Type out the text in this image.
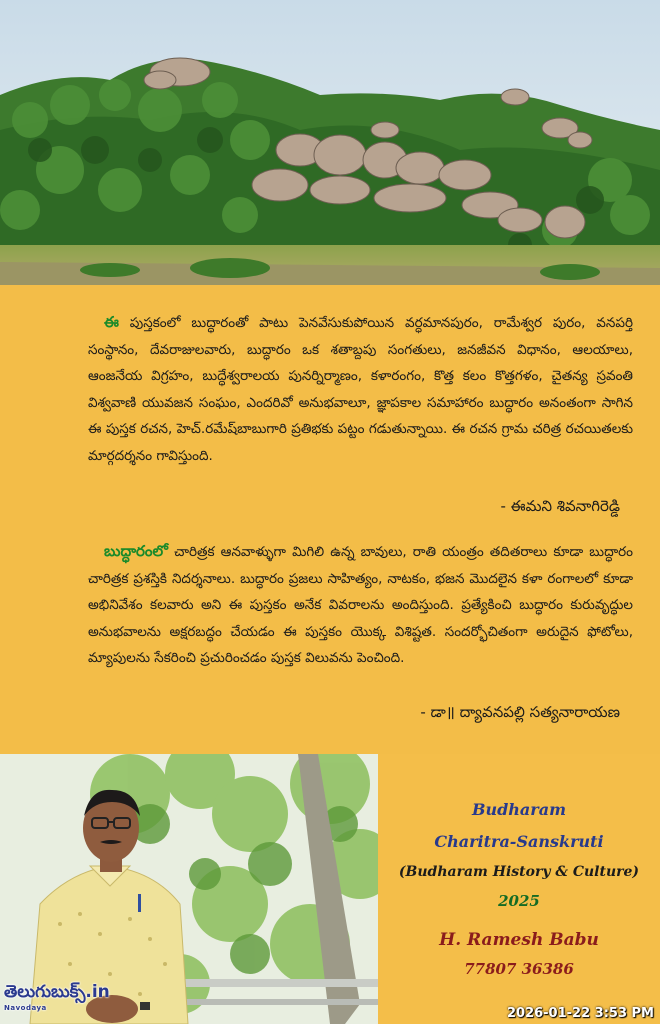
ఈ పుస్తకంలో బుద్ధారంతో పాటు పెనవేసుకుపోయిన వర్ధమానపురం, రామేశ్వర పురం, వనపర్తి సంస్థానం, దేవరాజులవారు, బుద్ధారం ఒక శతాబ్దపు సంగతులు, జనజీవన విధానం, ఆలయాలు, ఆంజనేయ విగ్రహం, బుద్ధేశ్వరాలయ పునర్నిర్మాణం, కళారంగం, కొత్త కలం కొత్తగళం, చైతన్య స్రవంతి విశ్వవాణి యువజన సంఘం, ఎందరివో అనుభవాలూ, జ్ఞాపకాల సమాహారం బుద్ధారం అనంతంగా సాగిన ఈ పుస్తక రచన, హెచ్.రమేష్‌బాబుగారి ప్రతిభకు పట్టం గడుతున్నాయి. ఈ రచన గ్రామ చరిత్ర రచయితలకు మార్గదర్శనం గావిస్తుంది.

- ఈమని శివనాగిరెడ్డి

బుద్ధారంలో చారిత్రక ఆనవాళ్ళుగా మిగిలి ఉన్న బావులు, రాతి యంత్రం తదితరాలు కూడా బుద్ధారం చారిత్రక ప్రశస్తికి నిదర్శనాలు. బుద్ధారం ప్రజలు సాహిత్యం, నాటకం, భజన మొదలైన కళా రంగాలలో కూడా అభినివేశం కలవారు అని ఈ పుస్తకం అనేక వివరాలను అందిస్తుంది. ప్రత్యేకించి బుద్ధారం కురువృద్ధుల అనుభవాలను అక్షరబద్ధం చేయడం ఈ పుస్తకం యొక్క విశిష్టత. సందర్భోచితంగా అరుదైన ఫోటోలు, మ్యాపులను సేకరించి ప్రచురించడం పుస్తక విలువను పెంచింది.

- డా॥ ద్యావనపల్లి సత్యనారాయణ
Budharam
Charitra-Sanskruti
(Budharam History & Culture)
2025
H. Ramesh Babu
77807 36386
తెలుగుబుక్స్.in
Navodaya	2026-01-22 3:53 PM
